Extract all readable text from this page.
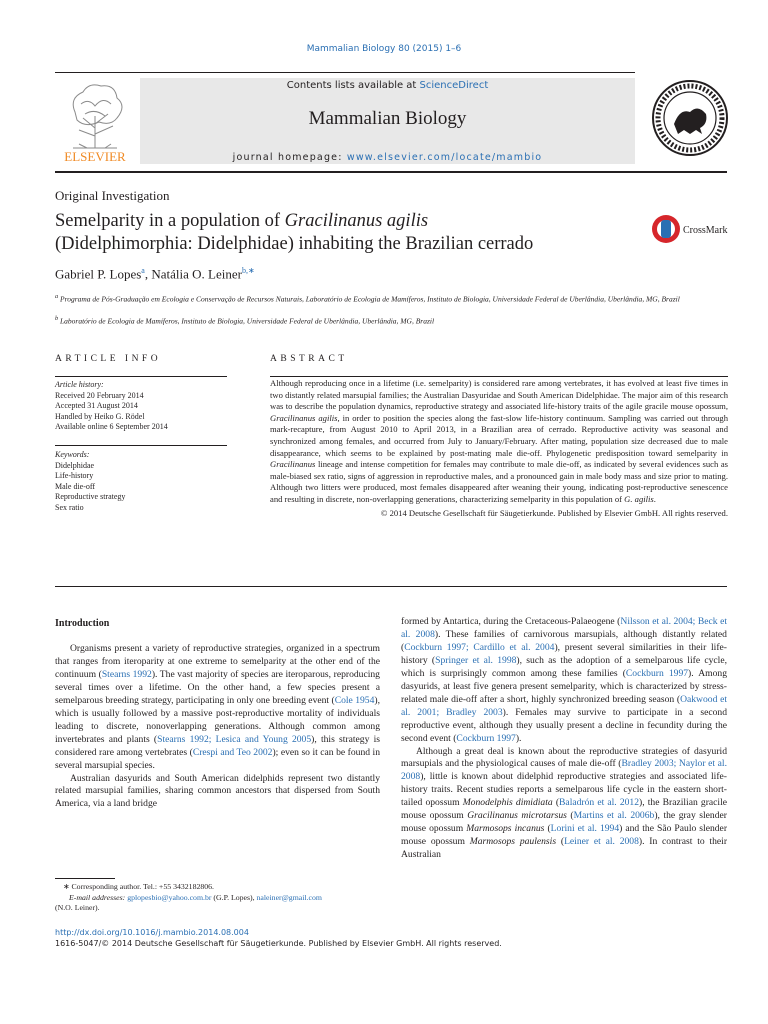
Mammalian Biology 80 (2015) 1–6
ELSEVIER
Contents lists available at ScienceDirect
Mammalian Biology
journal homepage: www.elsevier.com/locate/mambio
Original Investigation
Semelparity in a population of Gracilinanus agilis
(Didelphimorphia: Didelphidae) inhabiting the Brazilian cerrado
CrossMark
Gabriel P. Lopes$^a$, Natália O. Leiner$^{b,∗}$
$^a$ Programa de Pós-Graduação em Ecologia e Conservação de Recursos Naturais, Laboratório de Ecologia de Mamíferos, Instituto de Biologia, Universidade Federal de Uberlândia, Uberlândia, MG, Brazil
$^b$ Laboratório de Ecologia de Mamíferos, Instituto de Biologia, Universidade Federal de Uberlândia, Uberlândia, MG, Brazil
ARTICLE INFO	ABSTRACT
Article history:
Received 20 February 2014
Accepted 31 August 2014
Handled by Heiko G. Rödel
Available online 6 September 2014
Keywords:
Didelphidae
Life-history
Male die-off
Reproductive strategy
Sex ratio

Although reproducing once in a lifetime (i.e. semelparity) is considered rare among vertebrates, it has evolved at least five times in two distantly related marsupial families; the Australian Dasyuridae and South American Didelphidae. The major aim of this research was to describe the population dynamics, reproductive strategy and associated life-history traits of the agile gracile mouse opossum, Gracilinanus agilis, in order to position the species along the fast-slow life-history continuum. Sampling was carried out through mark-recapture, from August 2010 to April 2013, in a Brazilian area of cerrado. Reproductive activity was seasonal and synchronized among females, and occurred from July to January/February. After mating, population size decreased due to male disappearance, which seems to be explained by post-mating male die-off. Phylogenetic predisposition toward semelparity in Gracilinanus lineage and intense competition for females may contribute to male die-off, as indicated by several evidences such as male-biased sex ratio, signs of aggression in reproductive males, and a pronounced gain in male body mass and size prior to mating. Although two litters were produced, most females disappeared after weaning their young, indicating post-reproductive senescence and resulting in discrete, non-overlapping generations, characterizing semelparity in this population of G. agilis.

© 2014 Deutsche Gesellschaft für Säugetierkunde. Published by Elsevier GmbH. All rights reserved.

Introduction

Organisms present a variety of reproductive strategies, organized in a spectrum that ranges from iteroparity at one extreme to semelparity at the other end of the continuum (Stearns 1992). The vast majority of species are iteroparous, reproducing several times over a lifetime. On the other hand, a few species present a semelparous breeding strategy, participating in only one breeding event (Cole 1954), which is usually followed by a massive post-reproductive mortality of individuals leading to discrete, nonoverlapping generations. Although common among invertebrates and plants (Stearns 1992; Lesica and Young 2005), this strategy is considered rare among vertebrates (Crespi and Teo 2002); even so it can be found in several marsupial species.

Australian dasyurids and South American didelphids represent two distantly related marsupial families, sharing common ancestors that dispersed from South America, via a land bridge

formed by Antartica, during the Cretaceous-Palaeogene (Nilsson et al. 2004; Beck et al. 2008). These families of carnivorous marsupials, although distantly related (Cockburn 1997; Cardillo et al. 2004), present several similarities in their life-history (Springer et al. 1998), such as the adoption of a semelparous life cycle, which is surprisingly common among these families (Cockburn 1997). Among dasyurids, at least five genera present semelparity, which is characterized by stress-related male die-off after a short, highly synchronized breeding season (Oakwood et al. 2001; Bradley 2003). Females may survive to participate in a second reproductive event, although they usually present a decline in fecundity during the second event (Cockburn 1997).

Although a great deal is known about the reproductive strategies of dasyurid marsupials and the physiological causes of male die-off (Bradley 2003; Naylor et al. 2008), little is known about didelphid reproductive strategies and associated life-history traits. Recent studies reports a semelparous life cycle in the eastern short-tailed opossum Monodelphis dimidiata (Baladrón et al. 2012), the Brazilian gracile mouse opossum Gracilinanus microtarsus (Martins et al. 2006b), the gray slender mouse opossum Marmosops incanus (Lorini et al. 1994) and the São Paulo slender mouse opossum Marmosops paulensis (Leiner et al. 2008). In contrast to their Australian

∗ Corresponding author. Tel.: +55 3432182806.
E-mail addresses: gplopesbio@yahoo.com.br (G.P. Lopes), naleiner@gmail.com
(N.O. Leiner).
http://dx.doi.org/10.1016/j.mambio.2014.08.004
1616-5047/© 2014 Deutsche Gesellschaft für Säugetierkunde. Published by Elsevier GmbH. All rights reserved.
